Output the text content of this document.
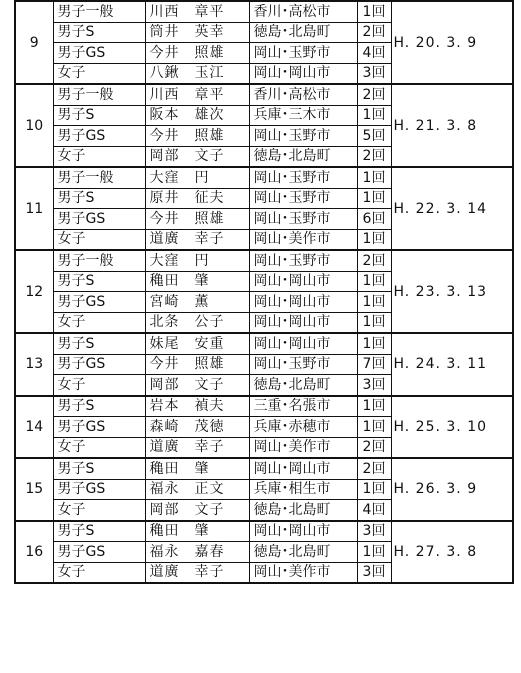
9	男子一般	川西　章平	香川･高松市	1回	H. 20. 3. 9
	男子S	筒井　英幸	徳島･北島町	2回	
	男子GS	今井　照雄	岡山･玉野市	4回	
	女子	八鍬　玉江	岡山･岡山市	3回	
10	男子一般	川西　章平	香川･高松市	2回	H. 21. 3. 8
	男子S	阪本　雄次	兵庫･三木市	1回	
	男子GS	今井　照雄	岡山･玉野市	5回	
	女子	岡部　文子	徳島･北島町	2回	
11	男子一般	大窪　円	岡山･玉野市	1回	H. 22. 3. 14
	男子S	原井　征夫	岡山･玉野市	1回	
	男子GS	今井　照雄	岡山･玉野市	6回	
	女子	道廣　幸子	岡山･美作市	1回	
12	男子一般	大窪　円	岡山･玉野市	2回	H. 23. 3. 13
	男子S	穐田　肇	岡山･岡山市	1回	
	男子GS	宮崎　薫	岡山･岡山市	1回	
	女子	北条　公子	岡山･岡山市	1回	
13	男子S	妹尾　安重	岡山･岡山市	1回	H. 24. 3. 11
	男子GS	今井　照雄	岡山･玉野市	7回	
	女子	岡部　文子	徳島･北島町	3回	
14	男子S	岩本　禎夫	三重･名張市	1回	H. 25. 3. 10
	男子GS	森崎　茂徳	兵庫･赤穂市	1回	
	女子	道廣　幸子	岡山･美作市	2回	
15	男子S	穐田　肇	岡山･岡山市	2回	H. 26. 3. 9
	男子GS	福永　正文	兵庫･相生市	1回	
	女子	岡部　文子	徳島･北島町	4回	
16	男子S	穐田　肇	岡山･岡山市	3回	H. 27. 3. 8
	男子GS	福永　嘉春	徳島･北島町	1回	
	女子	道廣　幸子	岡山･美作市	3回	
